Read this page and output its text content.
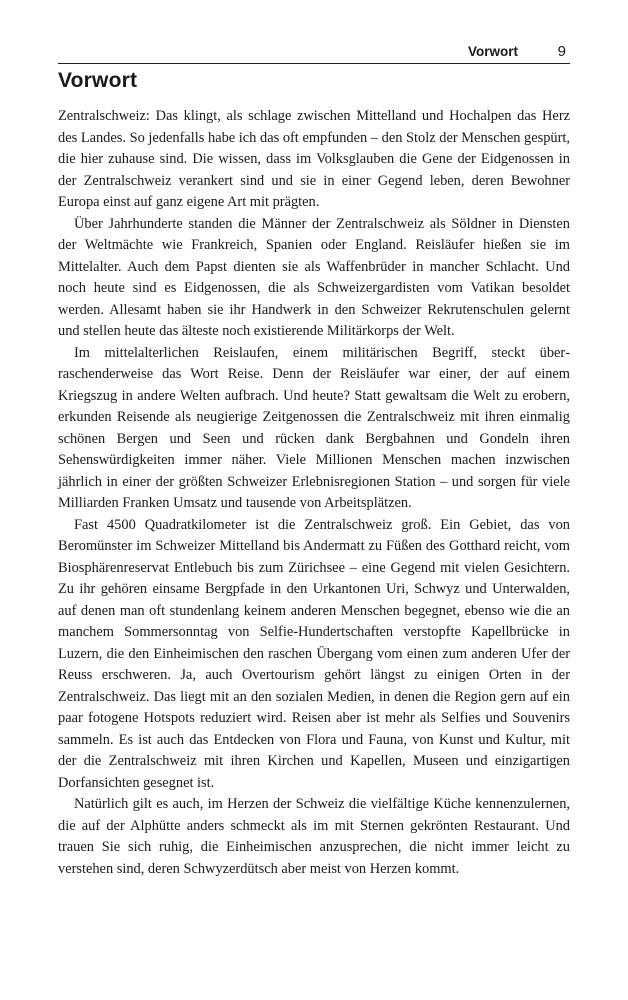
Vorwort	9
Vorwort

Zentralschweiz: Das klingt, als schlage zwischen Mittelland und Hochalpen das Herz des Landes. So jedenfalls habe ich das oft empfunden – den Stolz der Menschen gespürt, die hier zuhause sind. Die wissen, dass im Volksglauben die Gene der Eidgenossen in der Zentralschweiz verankert sind und sie in einer Gegend leben, deren Bewohner Europa einst auf ganz eigene Art mit prägten.

Über Jahrhunderte standen die Männer der Zentralschweiz als Söldner in Diensten der Weltmächte wie Frankreich, Spanien oder England. Reisläufer hießen sie im Mittelalter. Auch dem Papst dienten sie als Waffenbrüder in mancher Schlacht. Und noch heute sind es Eidgenossen, die als Schweizergardisten vom Vatikan besoldet werden. Allesamt haben sie ihr Handwerk in den Schweizer Rekrutenschulen gelernt und stellen heute das älteste noch existierende Militärkorps der Welt.

Im mittelalterlichen Reislaufen, einem militärischen Begriff, steckt überraschenderweise das Wort Reise. Denn der Reisläufer war einer, der auf einem Kriegszug in andere Welten aufbrach. Und heute? Statt gewaltsam die Welt zu erobern, erkunden Reisende als neugierige Zeitgenossen die Zentralschweiz mit ihren einmalig schönen Bergen und Seen und rücken dank Bergbahnen und Gondeln ihren Sehenswürdigkeiten immer näher. Viele Millionen Menschen machen inzwischen jährlich in einer der größten Schweizer Erlebnisregionen Station – und sorgen für viele Milliarden Franken Umsatz und tausende von Arbeitsplätzen.

Fast 4500 Quadratkilometer ist die Zentralschweiz groß. Ein Gebiet, das von Beromünster im Schweizer Mittelland bis Andermatt zu Füßen des Gotthard reicht, vom Biosphärenreservat Entlebuch bis zum Zürichsee – eine Gegend mit vielen Gesichtern. Zu ihr gehören einsame Bergpfade in den Urkantonen Uri, Schwyz und Unterwalden, auf denen man oft stundenlang keinem anderen Menschen begegnet, ebenso wie die an manchem Sommersonntag von Selfie-Hundertschaften verstopfte Kapellbrücke in Luzern, die den Einheimischen den raschen Übergang vom einen zum anderen Ufer der Reuss erschweren. Ja, auch Overtourism gehört längst zu einigen Orten in der Zentralschweiz. Das liegt mit an den sozialen Medien, in denen die Region gern auf ein paar fotogene Hotspots reduziert wird. Reisen aber ist mehr als Selfies und Souvenirs sammeln. Es ist auch das Entdecken von Flora und Fauna, von Kunst und Kultur, mit der die Zentralschweiz mit ihren Kirchen und Kapellen, Museen und einzigartigen Dorfansichten gesegnet ist.

Natürlich gilt es auch, im Herzen der Schweiz die vielfältige Küche kennenzulernen, die auf der Alphütte anders schmeckt als im mit Sternen gekrönten Restaurant. Und trauen Sie sich ruhig, die Einheimischen anzusprechen, die nicht immer leicht zu verstehen sind, deren Schwyzerdütsch aber meist von Herzen kommt.
